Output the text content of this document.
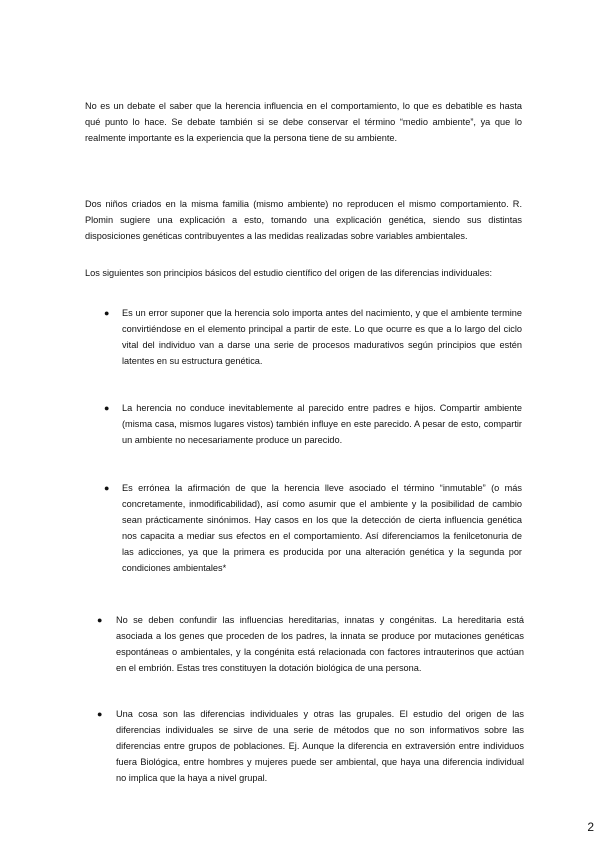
No es un debate el saber que la herencia influencia en el comportamiento, lo que es debatible es hasta qué punto lo hace. Se debate también si se debe conservar el término “medio ambiente”, ya que lo realmente importante es la experiencia que la persona tiene de su ambiente.

Dos niños criados en la misma familia (mismo ambiente) no reproducen el mismo comportamiento. R. Plomin sugiere una explicación a esto, tomando una explicación genética, siendo sus distintas disposiciones genéticas contribuyentes a las medidas realizadas sobre variables ambientales.

Los siguientes son principios básicos del estudio científico del origen de las diferencias individuales:

● Es un error suponer que la herencia solo importa antes del nacimiento, y que el ambiente termine convirtiéndose en el elemento principal a partir de este. Lo que ocurre es que a lo largo del ciclo vital del individuo van a darse una serie de procesos madurativos según principios que estén latentes en su estructura genética.

● La herencia no conduce inevitablemente al parecido entre padres e hijos. Compartir ambiente (misma casa, mismos lugares vistos) también influye en este parecido. A pesar de esto, compartir un ambiente no necesariamente produce un parecido.

● Es errónea la afirmación de que la herencia lleve asociado el término “inmutable” (o más concretamente, inmodificabilidad), así como asumir que el ambiente y la posibilidad de cambio sean prácticamente sinónimos. Hay casos en los que la detección de cierta influencia genética nos capacita a mediar sus efectos en el comportamiento. Así diferenciamos la fenilcetonuria de las adicciones, ya que la primera es producida por una alteración genética y la segunda por condiciones ambientales*

● No se deben confundir las influencias hereditarias, innatas y congénitas. La hereditaria está asociada a los genes que proceden de los padres, la innata se produce por mutaciones genéticas espontáneas o ambientales, y la congénita está relacionada con factores intrauterinos que actúan en el embrión. Estas tres constituyen la dotación biológica de una persona.

● Una cosa son las diferencias individuales y otras las grupales. El estudio del origen de las diferencias individuales se sirve de una serie de métodos que no son informativos sobre las diferencias entre grupos de poblaciones. Ej. Aunque la diferencia en extraversión entre individuos fuera Biológica, entre hombres y mujeres puede ser ambiental, que haya una diferencia individual no implica que la haya a nivel grupal.

2
